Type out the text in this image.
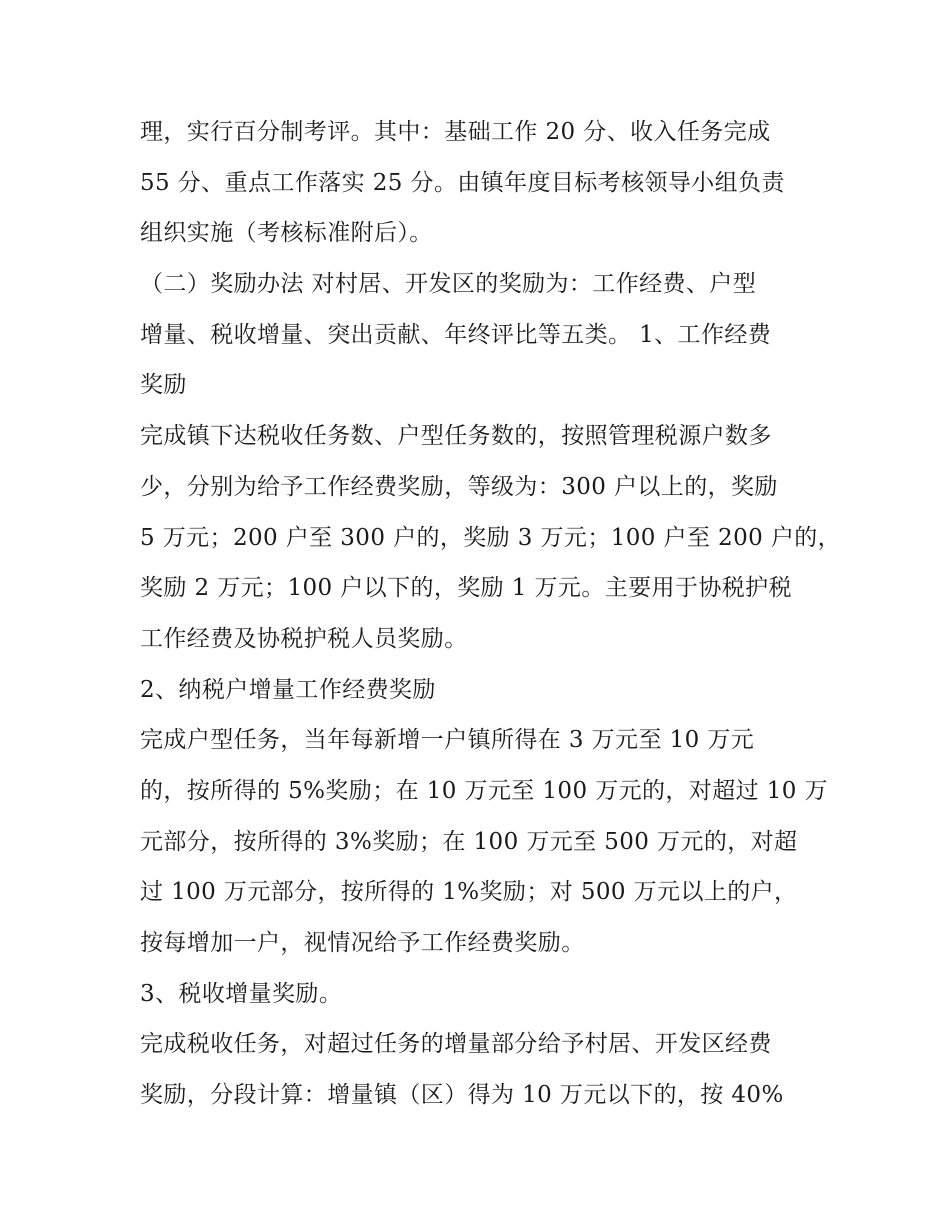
理，实行百分制考评。其中：基础工作 20 分、收入任务完成
55 分、重点工作落实 25 分。由镇年度目标考核领导小组负责
组织实施（考核标准附后）。
（二）奖励办法 对村居、开发区的奖励为：工作经费、户型
增量、税收增量、突出贡献、年终评比等五类。 1、工作经费
奖励
完成镇下达税收任务数、户型任务数的，按照管理税源户数多
少，分别为给予工作经费奖励，等级为：300 户以上的，奖励
5 万元；200 户至 300 户的，奖励 3 万元；100 户至 200 户的，
奖励 2 万元；100 户以下的，奖励 1 万元。主要用于协税护税
工作经费及协税护税人员奖励。
2、纳税户增量工作经费奖励
完成户型任务，当年每新增一户镇所得在 3 万元至 10 万元
的，按所得的 5%奖励；在 10 万元至 100 万元的，对超过 10 万
元部分，按所得的 3%奖励；在 100 万元至 500 万元的，对超
过 100 万元部分，按所得的 1%奖励；对 500 万元以上的户，
按每增加一户，视情况给予工作经费奖励。
3、税收增量奖励。
完成税收任务，对超过任务的增量部分给予村居、开发区经费
奖励，分段计算：增量镇（区）得为 10 万元以下的，按 40%
